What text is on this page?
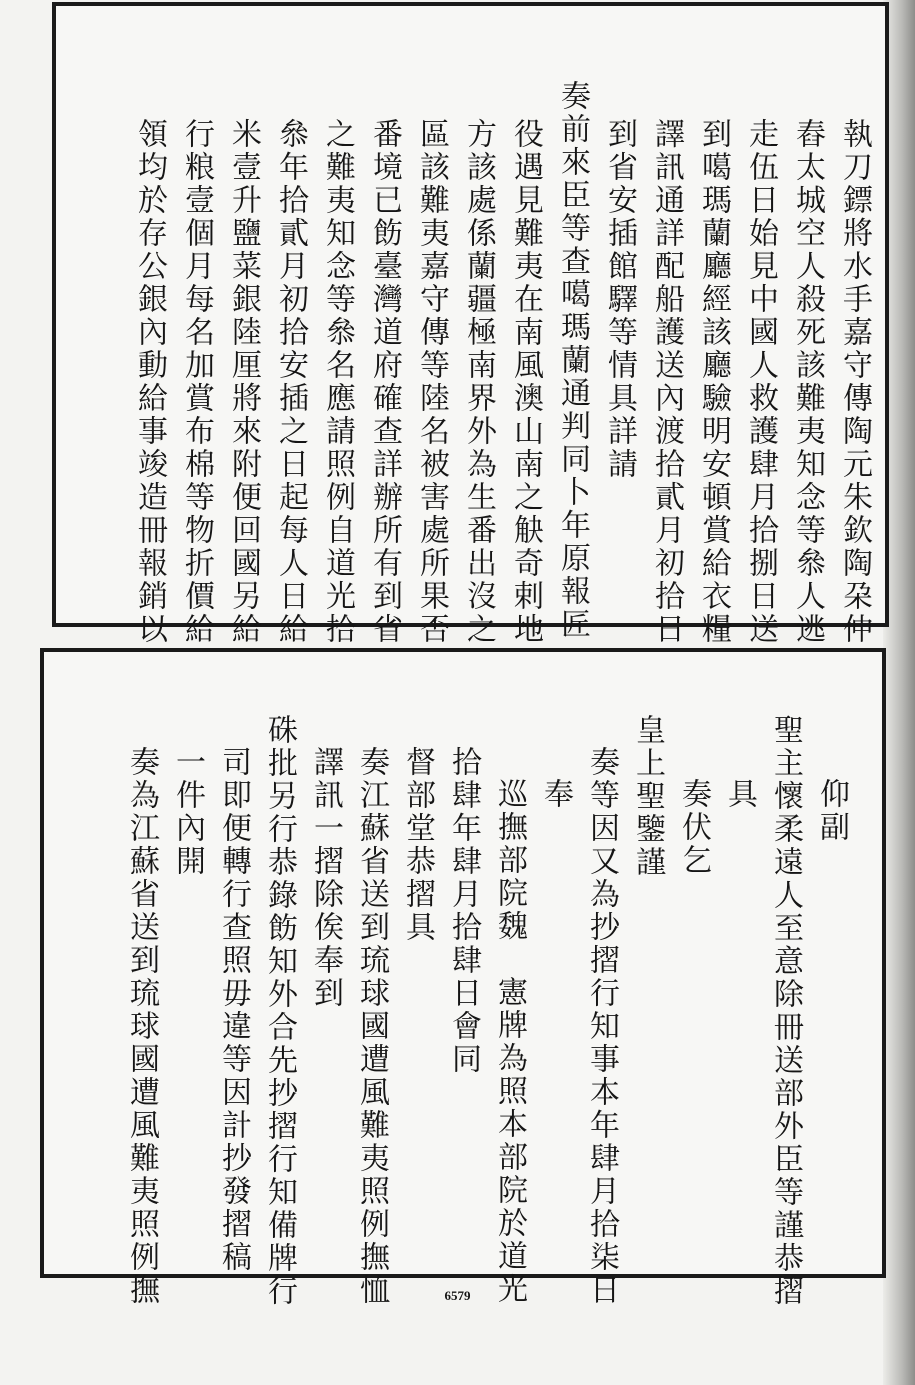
執刀鏢將水手嘉守傳陶元朱欽陶朶仲
舂太城空人殺死該難夷知念等叅人逃
走伍日始見中國人救護肆月拾捌日送
到噶瑪蘭廳經該廳驗明安頓賞給衣糧
譯訊通詳配船護送內渡拾貳月初拾日
到省安插館驛等情具詳請
奏前來臣等查噶瑪蘭通判同卜年原報匠
役遇見難夷在南風澳山南之觖奇剌地
方該處係蘭疆極南界外為生番出沒之
區該難夷嘉守傳等陸名被害處所果否
番境已飭臺灣道府確查詳辦所有到省
之難夷知念等叅名應請照例自道光拾
叅年拾貳月初拾安插之日起每人日給
米壹升鹽菜銀陸厘將來附便回國另給
行粮壹個月每名加賞布棉等物折價給
領均於存公銀內動給事竣造冊報銷以
仰副
聖主懷柔遠人至意除冊送部外臣等謹恭摺
具
奏伏乞
皇上聖鑒謹
奏等因又為抄摺行知事本年肆月拾柒日
奉
巡撫部院魏　憲牌為照本部院於道光
拾肆年肆月拾肆日會同
督部堂恭摺具
奏江蘇省送到琉球國遭風難夷照例撫恤
譯訊一摺除俟奉到
硃批另行恭錄飭知外合先抄摺行知備牌行
司即便轉行查照毋違等因計抄發摺稿
一件內開
奏為江蘇省送到琉球國遭風難夷照例撫	6579
